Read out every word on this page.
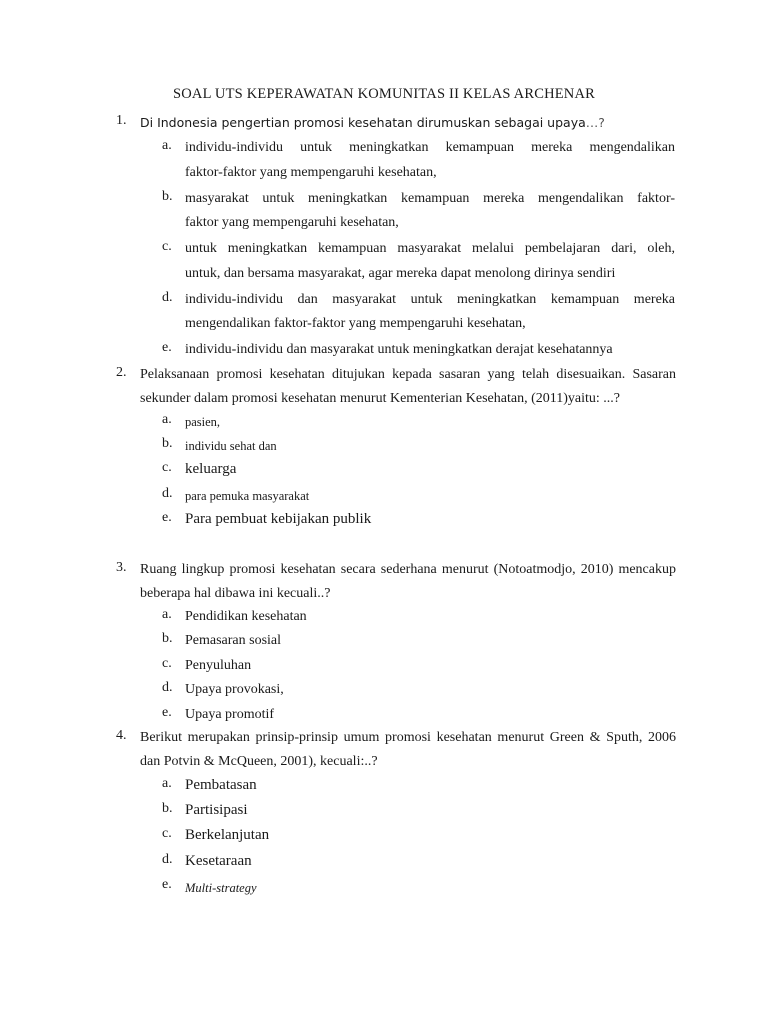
SOAL UTS KEPERAWATAN KOMUNITAS II KELAS ARCHENAR
1. Di Indonesia pengertian promosi kesehatan dirumuskan sebagai upaya…?
a. individu-individu untuk meningkatkan kemampuan mereka mengendalikan
faktor-faktor yang mempengaruhi kesehatan,
b. masyarakat untuk meningkatkan kemampuan mereka mengendalikan faktor-
faktor yang mempengaruhi kesehatan,
c. untuk meningkatkan kemampuan masyarakat melalui pembelajaran dari, oleh,
untuk, dan bersama masyarakat, agar mereka dapat menolong dirinya sendiri
d. individu-individu dan masyarakat untuk meningkatkan kemampuan mereka
mengendalikan faktor-faktor yang mempengaruhi kesehatan,
e. individu-individu dan masyarakat untuk meningkatkan derajat kesehatannya
2. Pelaksanaan promosi kesehatan ditujukan kepada sasaran yang telah disesuaikan. Sasaran
sekunder dalam promosi kesehatan menurut Kementerian Kesehatan, (2011)yaitu: ...?
a. pasien,
b. individu sehat dan
c. keluarga
d. para pemuka masyarakat
e. Para pembuat kebijakan publik
3. Ruang lingkup promosi kesehatan secara sederhana menurut (Notoatmodjo, 2010) mencakup
beberapa hal dibawa ini kecuali..?
a. Pendidikan kesehatan
b. Pemasaran sosial
c. Penyuluhan
d. Upaya provokasi,
e. Upaya promotif
4. Berikut merupakan prinsip-prinsip umum promosi kesehatan menurut Green & Sputh, 2006
dan Potvin & McQueen, 2001), kecuali:..?
a. Pembatasan
b. Partisipasi
c. Berkelanjutan
d. Kesetaraan
e. Multi-strategy
